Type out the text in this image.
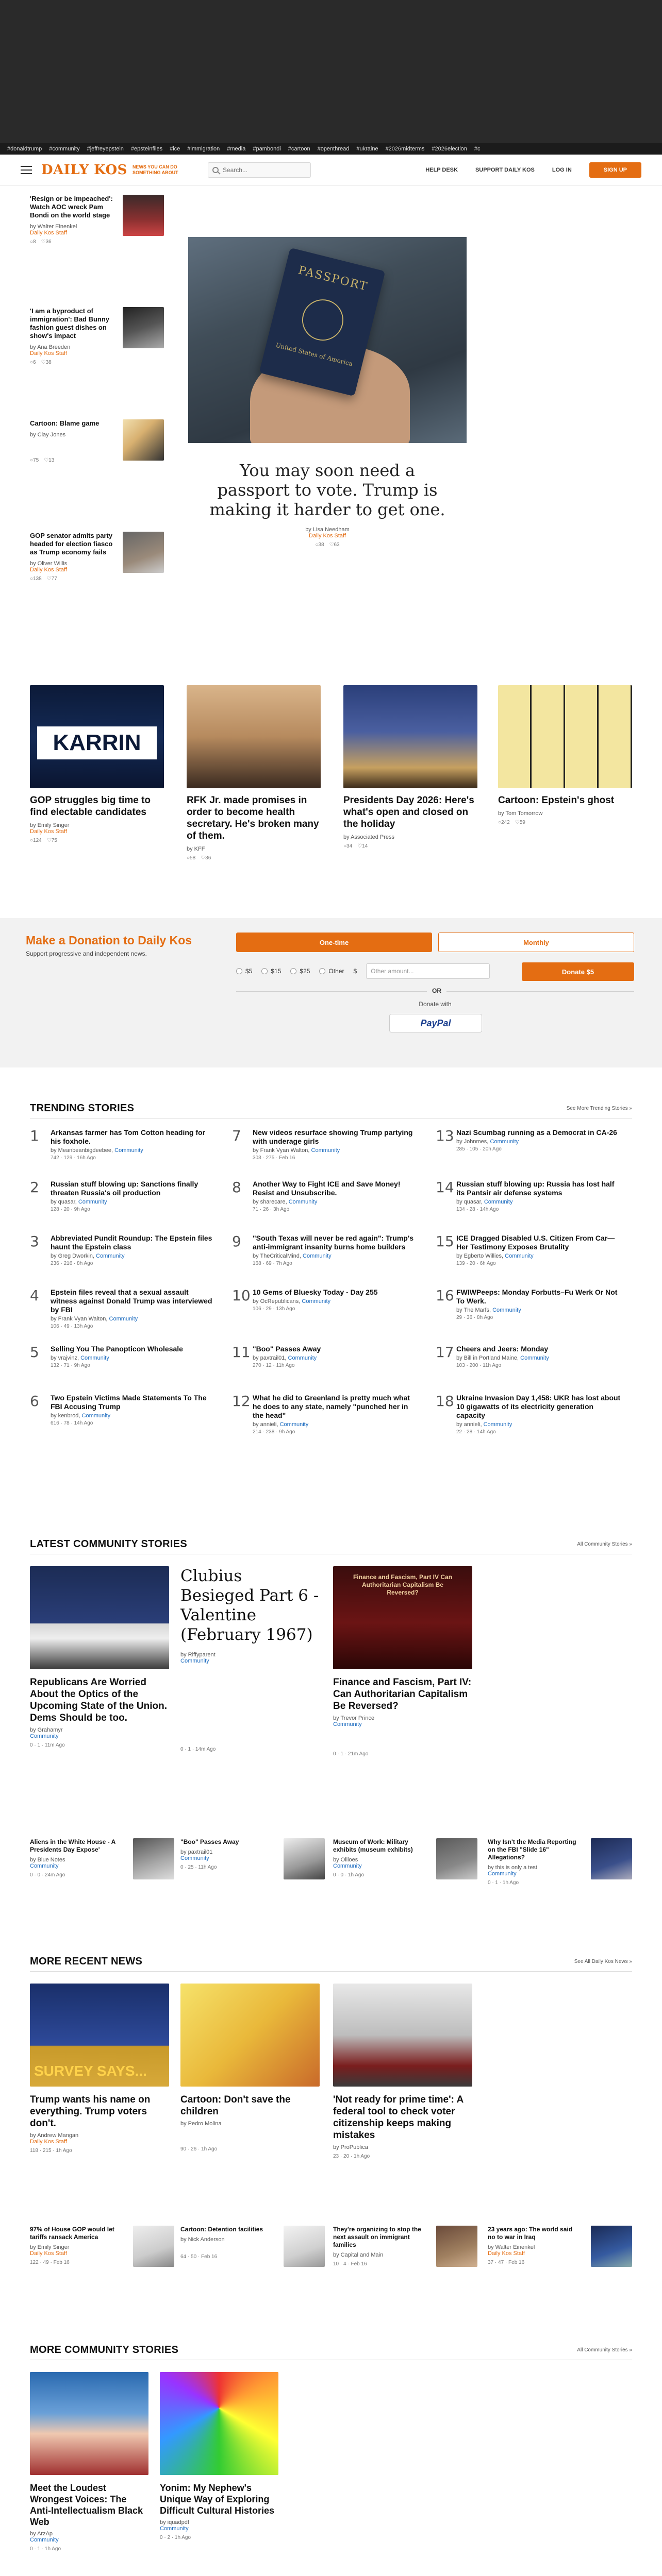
#donaldtrump #community #jeffreyepstein #epsteinfiles #ice #immigration #media #pambondi #cartoon #openthread #ukraine #2026midterms #2026election #c
DAILY KOS NEWS YOU CAN DO SOMETHING ABOUT
Search...	HELP DESK	SUPPORT DAILY KOS	LOG IN	SIGN UP
'Resign or be impeached': Watch AOC wreck Pam Bondi on the world stage
by Walter Einenkel
Daily Kos Staff
○ 8	♡ 36
'I am a byproduct of immigration': Bad Bunny fashion guest dishes on show's impact
by Ana Breeden
Daily Kos Staff
○ 6	♡ 38
Cartoon: Blame game
by Clay Jones
○ 75	♡ 13
GOP senator admits party headed for election fiasco as Trump economy fails
by Oliver Willis
Daily Kos Staff
○ 138	♡ 77
PASSPORT
United States of America
You may soon need a passport to vote. Trump is making it harder to get one.
by Lisa Needham
Daily Kos Staff
○ 38	♡ 63
KARRIN
GOP struggles big time to find electable candidates
by Emily Singer
Daily Kos Staff
○ 124	♡ 75
RFK Jr. made promises in order to become health secretary. He's broken many of them.
by KFF
○ 58	♡ 36
Presidents Day 2026: Here's what's open and closed on the holiday
by Associated Press
○ 34	♡ 14
Cartoon: Epstein's ghost
by Tom Tomorrow
○ 242	♡ 59
Make a Donation to Daily Kos
Support progressive and independent news.
One-time	Monthly
$5	$15	$25	Other $	Other amount...	Donate $5
OR
Donate with
PayPal
TRENDING STORIES	See More Trending Stories »
1	Arkansas farmer has Tom Cotton heading for his foxhole.
by Meanbeanbigdeebee, Community
742 · 129 · 16h Ago
2	Russian stuff blowing up: Sanctions finally threaten Russia's oil production
by quasar, Community
128 · 20 · 9h Ago
3	Abbreviated Pundit Roundup: The Epstein files haunt the Epstein class
by Greg Dworkin, Community
236 · 216 · 8h Ago
4	Epstein files reveal that a sexual assault witness against Donald Trump was interviewed by FBI
by Frank Vyan Walton, Community
106 · 49 · 13h Ago
5	Selling You The Panopticon Wholesale
by vrajvinz, Community
132 · 71 · 9h Ago
6	Two Epstein Victims Made Statements To The FBI Accusing Trump
by kenbrod, Community
616 · 78 · 14h Ago
7	New videos resurface showing Trump partying with underage girls
by Frank Vyan Walton, Community
303 · 275 · Feb 16
8	Another Way to Fight ICE and Save Money! Resist and Unsubscribe.
by sharecare, Community
71 · 26 · 3h Ago
9	"South Texas will never be red again": Trump's anti-immigrant insanity burns home builders
by TheCriticalMind, Community
168 · 69 · 7h Ago
10 10 Gems of Bluesky Today - Day 255
by OcRepublicans, Community
106 · 29 · 13h Ago
11 "Boo" Passes Away
by paxtrail01, Community
270 · 12 · 11h Ago
12 What he did to Greenland is pretty much what he does to any state, namely "punched her in the head"
by annieli, Community
214 · 238 · 9h Ago
13 Nazi Scumbag running as a Democrat in CA-26
by Johnmes, Community
285 · 105 · 20h Ago
14 Russian stuff blowing up: Russia has lost half its Pantsir air defense systems
by quasar, Community
134 · 28 · 14h Ago
15 ICE Dragged Disabled U.S. Citizen From Car—Her Testimony Exposes Brutality
by Egberto Willies, Community
139 · 20 · 6h Ago
16 FWIWPeeps: Monday Forbutts–Fu Werk Or Not To Werk.
by The Marfs, Community
29 · 36 · 8h Ago
17 Cheers and Jeers: Monday
by Bill in Portland Maine, Community
103 · 200 · 11h Ago
18 Ukraine Invasion Day 1,458: UKR has lost about 10 gigawatts of its electricity generation capacity
by annieli, Community
22 · 28 · 14h Ago
LATEST COMMUNITY STORIES	All Community Stories »
Republicans Are Worried About the Optics of the Upcoming State of the Union. Dems Should be too.
by Grahamyr
Community
0 · 1 · 11m Ago
Clubius Besieged Part 6 - Valentine (February 1967)
by Riffyparent
Community
0 · 1 · 14m Ago
Finance and Fascism, Part IV Can Authoritarian Capitalism Be Reversed?
Finance and Fascism, Part IV: Can Authoritarian Capitalism Be Reversed?
by Trevor Prince
Community
0 · 1 · 21m Ago
Aliens in the White House - A Presidents Day Expose'
by Blue Notes
Community
0 · 0 · 24m Ago
"Boo" Passes Away
by paxtrail01
Community
0 · 25 · 11h Ago
Museum of Work: Military exhibits (museum exhibits)
by Ollioes
Community
0 · 0 · 1h Ago
Why Isn't the Media Reporting on the FBI "Slide 16" Allegations?
by this is only a test
Community
0 · 1 · 1h Ago
MORE RECENT NEWS	See All Daily Kos News »
SURVEY SAYS...
Trump wants his name on everything. Trump voters don't.
by Andrew Mangan
Daily Kos Staff
118 · 215 · 1h Ago
Cartoon: Don't save the children
by Pedro Molina
90 · 26 · 1h Ago
'Not ready for prime time': A federal tool to check voter citizenship keeps making mistakes
by ProPublica
23 · 20 · 1h Ago
97% of House GOP would let tariffs ransack America
by Emily Singer
Daily Kos Staff
122 · 49 · Feb 16
Cartoon: Detention facilities
by Nick Anderson
64 · 50 · Feb 16
They're organizing to stop the next assault on immigrant families
by Capital and Main
10 · 4 · Feb 16
23 years ago: The world said no to war in Iraq
by Walter Einenkel
Daily Kos Staff
37 · 47 · Feb 16
MORE COMMUNITY STORIES	All Community Stories »
Meet the Loudest Wrongest Voices: The Anti-Intellectualism Black Web
by ArzAp
Community
0 · 1 · 1h Ago
Yonim: My Nephew's Unique Way of Exploring Difficult Cultural Histories
by iquadpdf
Community
0 · 2 · 1h Ago
